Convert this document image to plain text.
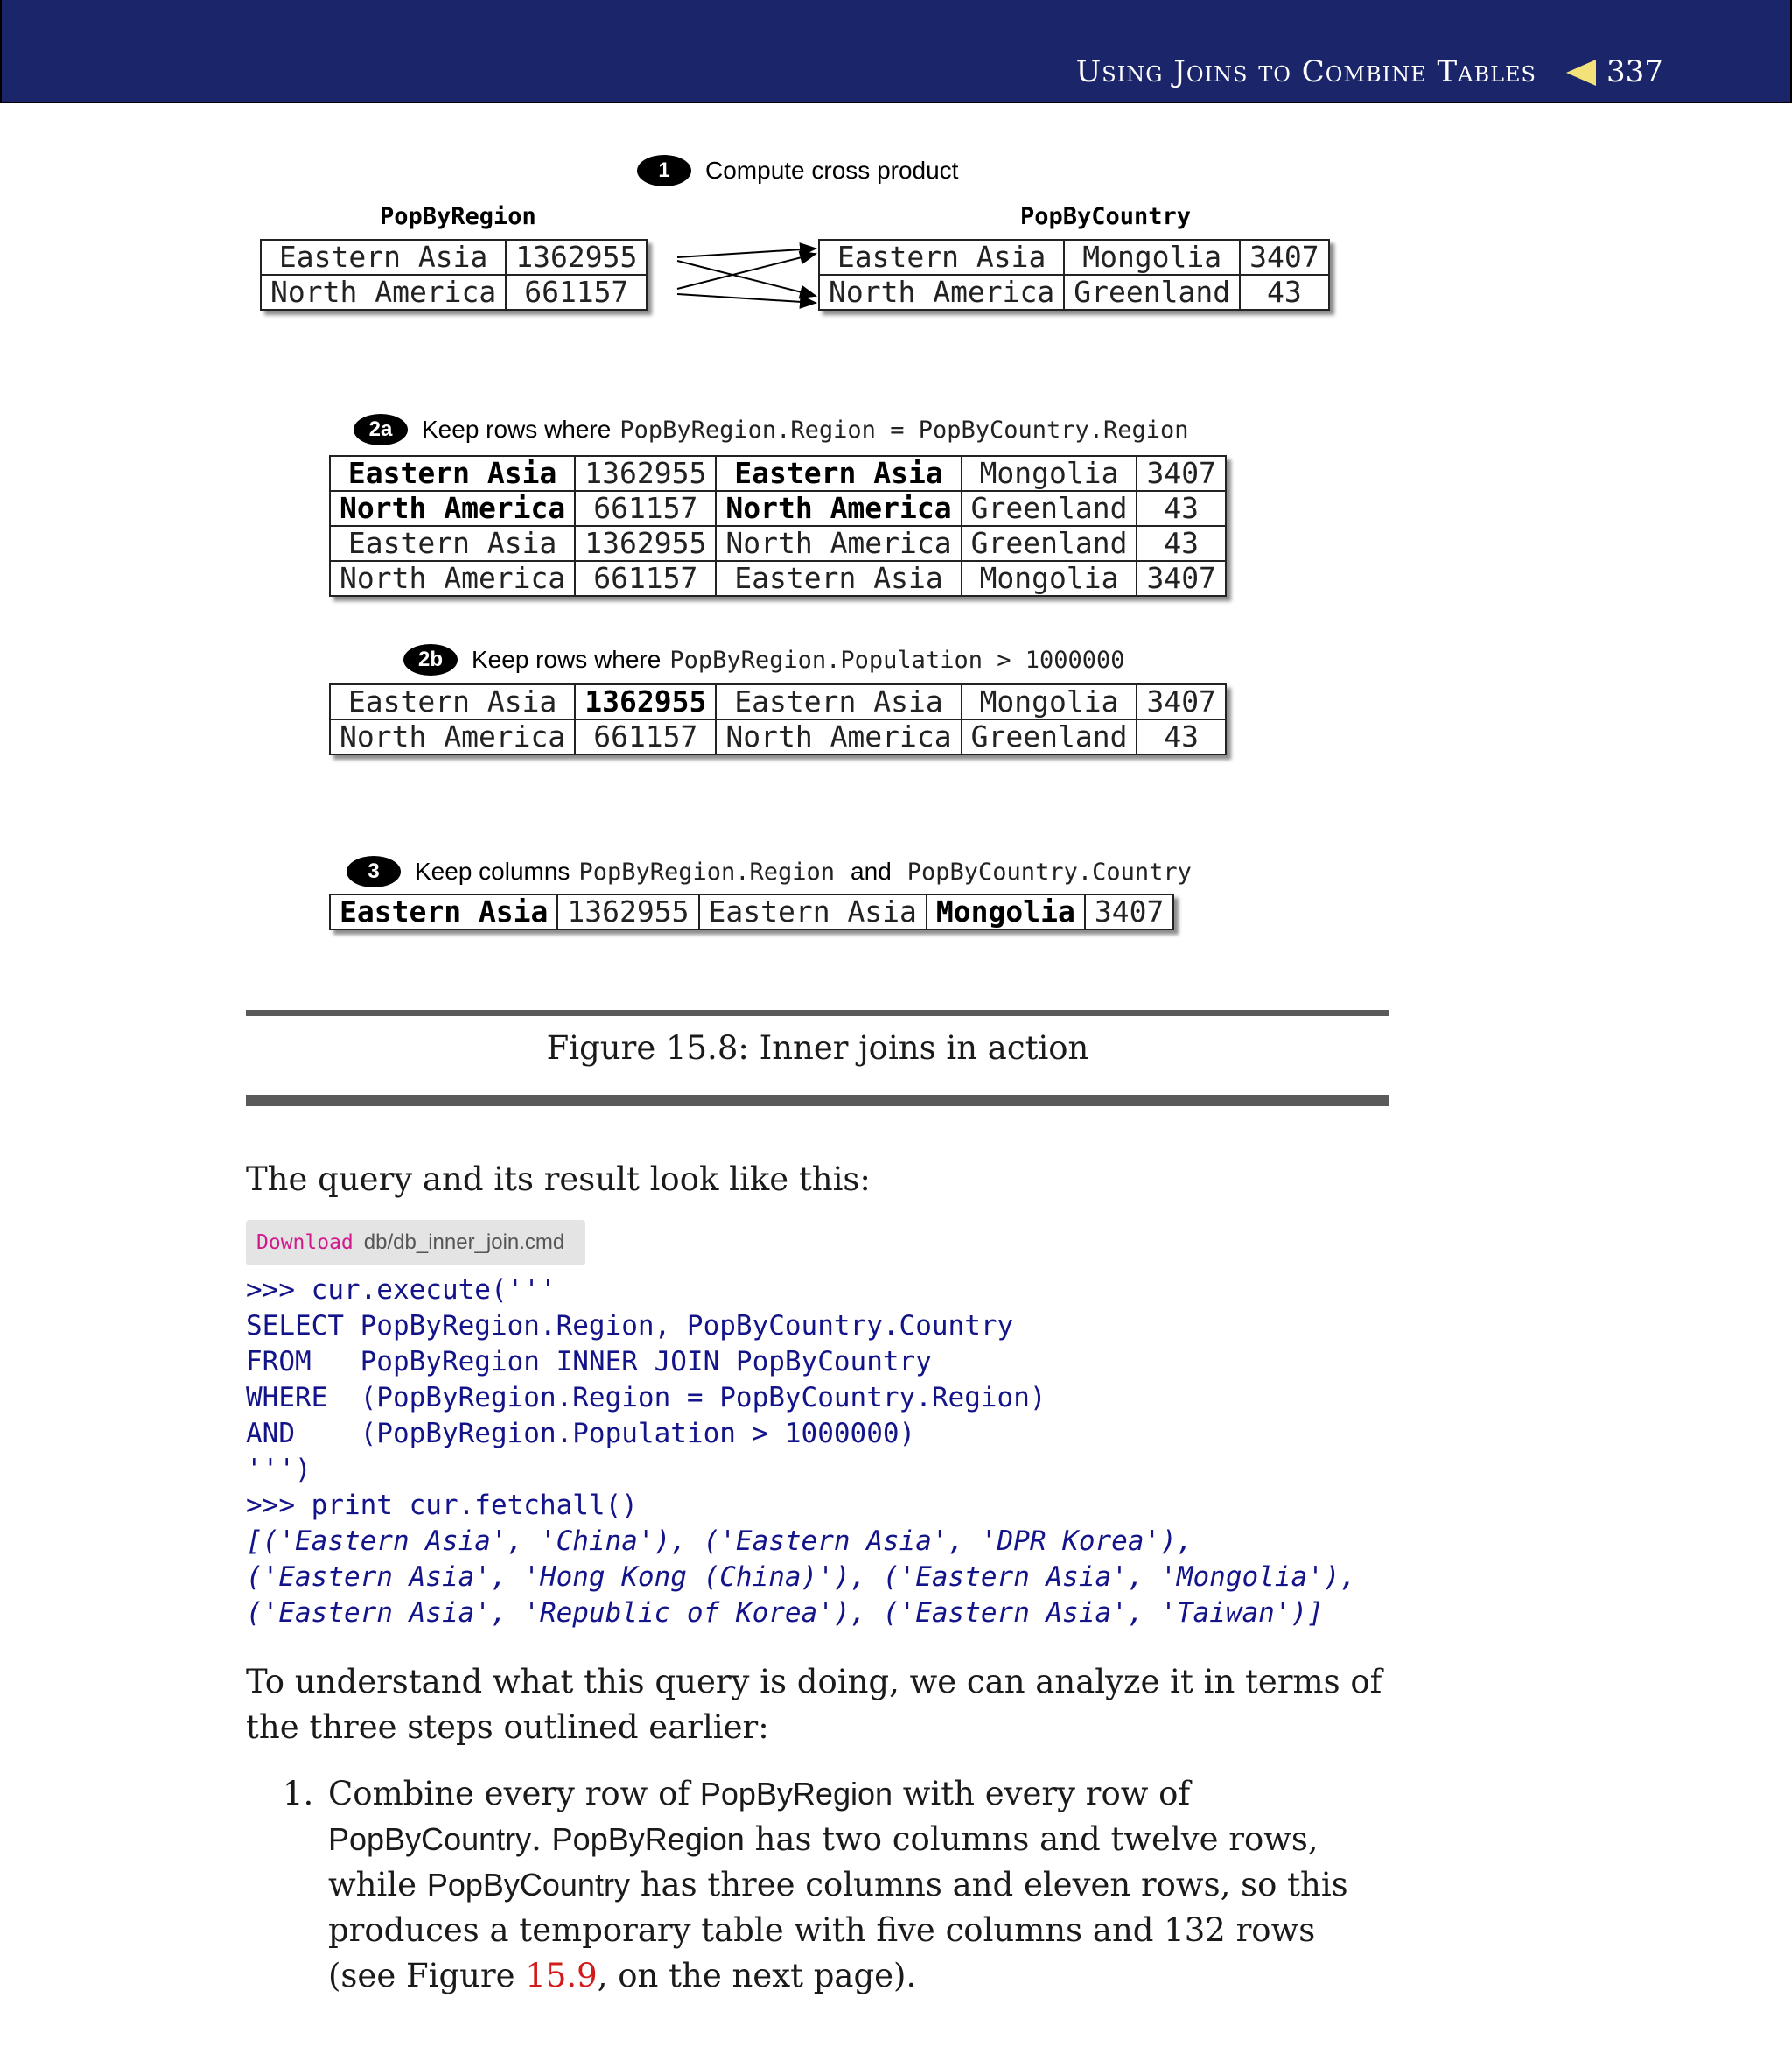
Using Joins to Combine Tables 337
1	Compute cross product
PopByRegion	PopByCountry
Eastern Asia	1362955
North America	661157
Eastern Asia	Mongolia	3407
North America	Greenland	43
2a	Keep rows where PopByRegion.Region = PopByCountry.Region
Eastern Asia	1362955	Eastern Asia	Mongolia	3407
North America	661157	North America	Greenland	43
Eastern Asia	1362955	North America	Greenland	43
North America	661157	Eastern Asia	Mongolia	3407
2b	Keep rows where PopByRegion.Population > 1000000
Eastern Asia	1362955	Eastern Asia	Mongolia	3407
North America	661157	North America	Greenland	43
3	Keep columns PopByRegion.Region and PopByCountry.Country
Eastern Asia	1362955	Eastern Asia	Mongolia	3407
Figure 15.8: Inner joins in action
The query and its result look like this:
Download db/db_inner_join.cmd
>>> cur.execute('''
SELECT PopByRegion.Region, PopByCountry.Country
FROM   PopByRegion INNER JOIN PopByCountry
WHERE  (PopByRegion.Region = PopByCountry.Region)
AND    (PopByRegion.Population > 1000000)
''')
>>> print cur.fetchall()
[('Eastern Asia', 'China'), ('Eastern Asia', 'DPR Korea'),
('Eastern Asia', 'Hong Kong (China)'), ('Eastern Asia', 'Mongolia'),
('Eastern Asia', 'Republic of Korea'), ('Eastern Asia', 'Taiwan')]
To understand what this query is doing, we can analyze it in terms of the three steps outlined earlier:
1. Combine every row of PopByRegion with every row of PopByCountry. PopByRegion has two columns and twelve rows, while PopByCountry has three columns and eleven rows, so this produces a temporary table with five columns and 132 rows (see Figure 15.9, on the next page).
